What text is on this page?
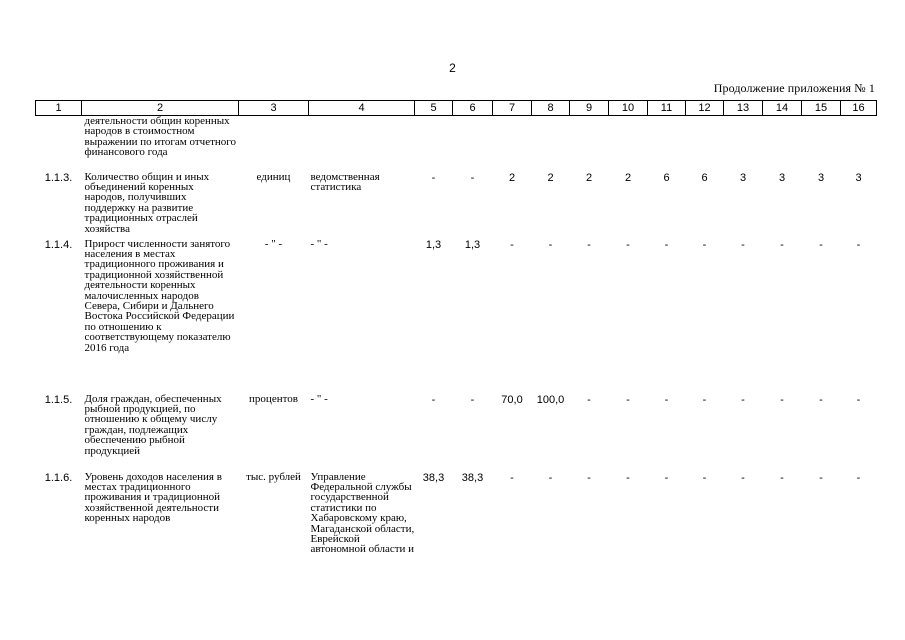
2
Продолжение приложения № 1
1	2	3	4	5	6	7	8	9	10	11	12	13	14	15	16
	деятельности общин коренных народов в стоимостном выражении по итогам отчетного финансового года														
1.1.3.	Количество общин и иных объединений коренных народов, получивших поддержку на развитие традиционных отраслей хозяйства	единиц	ведомственная статистика	-	-	2	2	2	2	6	6	3	3	3	3
1.1.4.	Прирост численности занятого населения в местах традиционного проживания и традиционной хозяйственной деятельности коренных малочисленных народов Севера, Сибири и Дальнего Востока Российской Федерации по отношению к соответствующему показателю 2016 года	- " -	- " -	1,3	1,3	-	-	-	-	-	-	-	-	-	-
1.1.5.	Доля граждан, обеспеченных рыбной продукцией, по отношению к общему числу граждан, подлежащих обеспечению рыбной продукцией	процентов	- " -	-	-	70,0	100,0	-	-	-	-	-	-	-	-
1.1.6.	Уровень доходов населения в местах традиционного проживания и традиционной хозяйственной деятельности коренных народов	тыс. рублей	Управление Федеральной службы государственной статистики по Хабаровскому краю, Магаданской области, Еврейской автономной области и	38,3	38,3	-	-	-	-	-	-	-	-	-	-
